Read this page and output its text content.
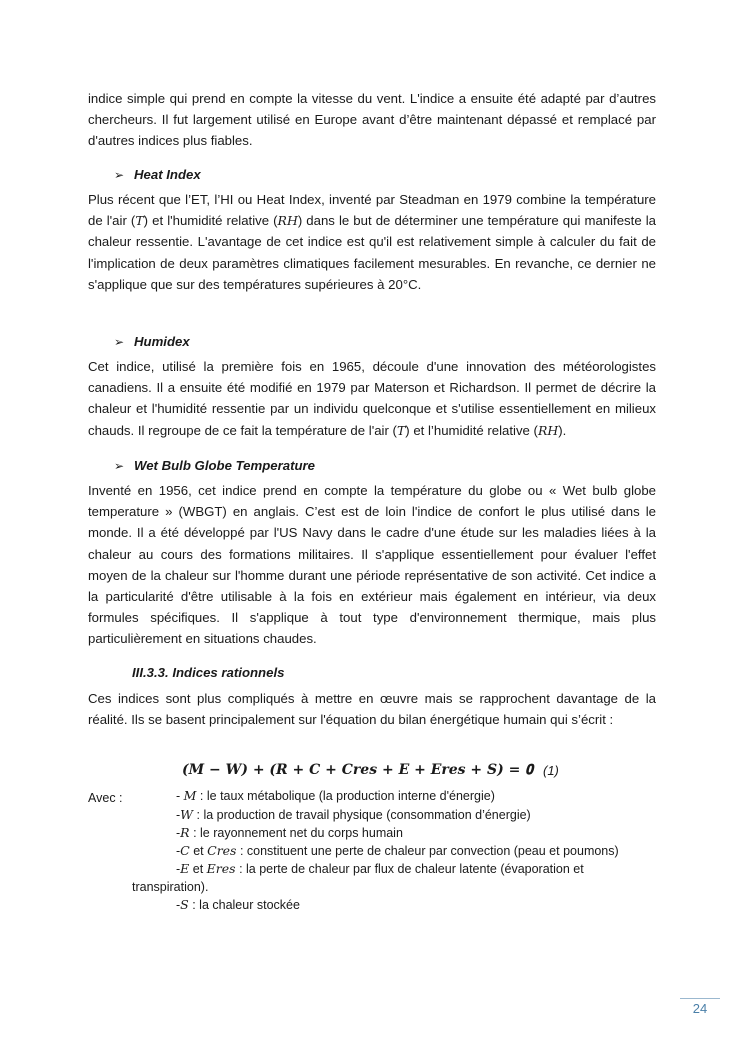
indice simple qui prend en compte la vitesse du vent. L'indice a ensuite été adapté par d’autres chercheurs. Il fut largement utilisé en Europe avant d’être maintenant dépassé et remplacé par d'autres indices plus fiables.

➢ Heat Index

Plus récent que l’ET, l’HI ou Heat Index, inventé par Steadman en 1979 combine la température de l'air (T) et l'humidité relative (RH) dans le but de déterminer une température qui manifeste la chaleur ressentie. L'avantage de cet indice est qu'il est relativement simple à calculer du fait de l'implication de deux paramètres climatiques facilement mesurables. En revanche, ce dernier ne s'applique que sur des températures supérieures à 20°C.

➢ Humidex

Cet indice, utilisé la première fois en 1965, découle d'une innovation des météorologistes canadiens. Il a ensuite été modifié en 1979 par Materson et Richardson. Il permet de décrire la chaleur et l'humidité ressentie par un individu quelconque et s'utilise essentiellement en milieux chauds. Il regroupe de ce fait la température de l'air (T) et l’humidité relative (RH).

➢ Wet Bulb Globe Temperature

Inventé en 1956, cet indice prend en compte la température du globe ou « Wet bulb globe temperature » (WBGT) en anglais. C’est est de loin l'indice de confort le plus utilisé dans le monde. Il a été développé par l'US Navy dans le cadre d'une étude sur les maladies liées à la chaleur au cours des formations militaires. Il s'applique essentiellement pour évaluer l'effet moyen de la chaleur sur l'homme durant une période représentative de son activité. Cet indice a la particularité d'être utilisable à la fois en extérieur mais également en intérieur, via deux formules spécifiques. Il s'applique à tout type d'environnement thermique, mais plus particulièrement en situations chaudes.

III.3.3. Indices rationnels

Ces indices sont plus compliqués à mettre en œuvre mais se rapprochent davantage de la réalité. Ils se basent principalement sur l'équation du bilan énergétique humain qui s’écrit :

(𝑴 − 𝑾) + (𝑹 + 𝑪 + 𝑪𝒓𝒆𝒔 + 𝑬 + 𝑬𝒓𝒆𝒔 + 𝑺) = 𝟎 (1)
Avec :	- M : le taux métabolique (la production interne d'énergie)
-W : la production de travail physique (consommation d’énergie)
-R : le rayonnement net du corps humain
-C et Cres : constituent une perte de chaleur par convection (peau et poumons)
-E et Eres : la perte de chaleur par flux de chaleur latente (évaporation et
transpiration).
-S : la chaleur stockée
24
